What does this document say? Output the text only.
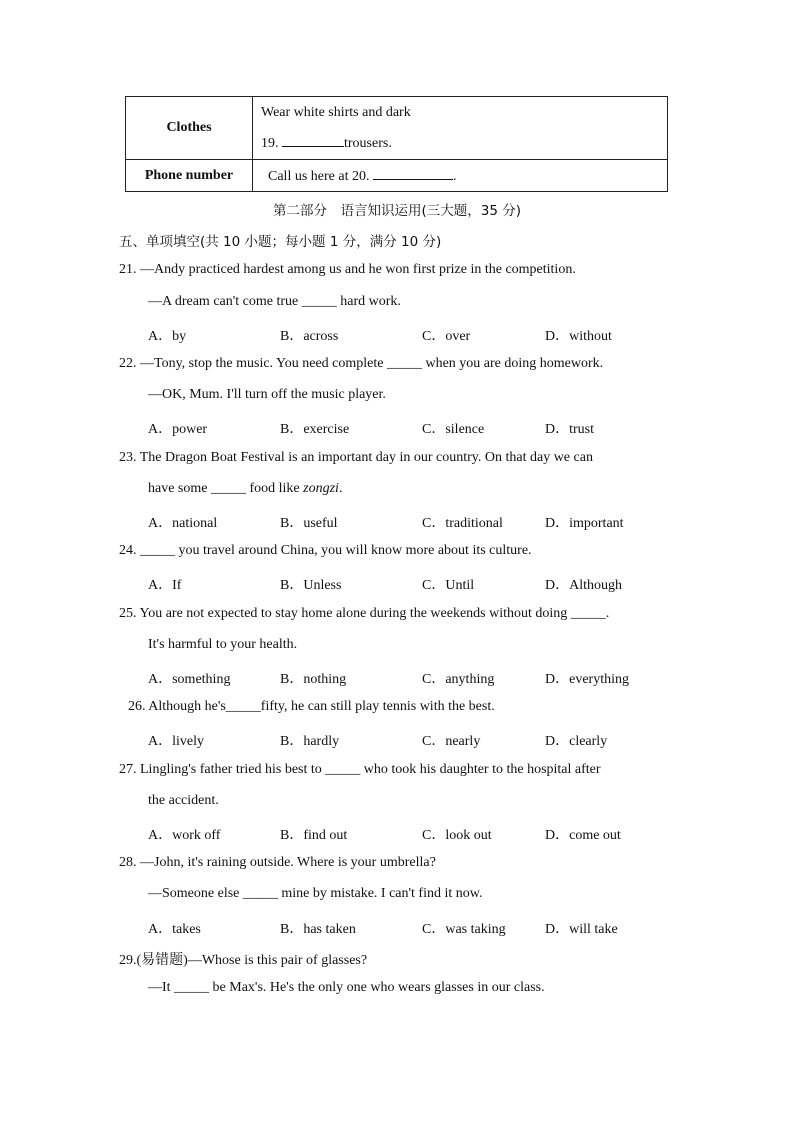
Clothes	Wear white shirts and dark
19. trousers.

Phone number	Call us here at 20. .
第二部分　语言知识运用(三大题，35 分)
五、单项填空(共 10 小题；每小题 1 分，满分 10 分)
21. —Andy practiced hardest among us and he won first prize in the competition.
—A dream can't come true _____ hard work.
A．by	B．across	C．over	D．without
22. —Tony, stop the music. You need complete _____ when you are doing homework.
—OK, Mum. I'll turn off the music player.
A．power	B．exercise	C．silence	D．trust
23. The Dragon Boat Festival is an important day in our country. On that day we can
have some _____ food like zongzi.
A．national	B．useful	C．traditional	D．important
24. _____ you travel around China, you will know more about its culture.
A．If	B．Unless	C．Until	D．Although
25. You are not expected to stay home alone during the weekends without doing _____.
It's harmful to your health.
A．something	B．nothing	C．anything	D．everything
26. Although he's_____fifty, he can still play tennis with the best.
A．lively	B．hardly	C．nearly	D．clearly
27. Lingling's father tried his best to _____ who took his daughter to the hospital after
the accident.
A．work off	B．find out	C．look out	D．come out
28. —John, it's raining outside. Where is your umbrella?
—Someone else _____ mine by mistake. I can't find it now.
A．takes	B．has taken	C．was taking	D．will take
29.(易错题)—Whose is this pair of glasses?
—It _____ be Max's. He's the only one who wears glasses in our class.
